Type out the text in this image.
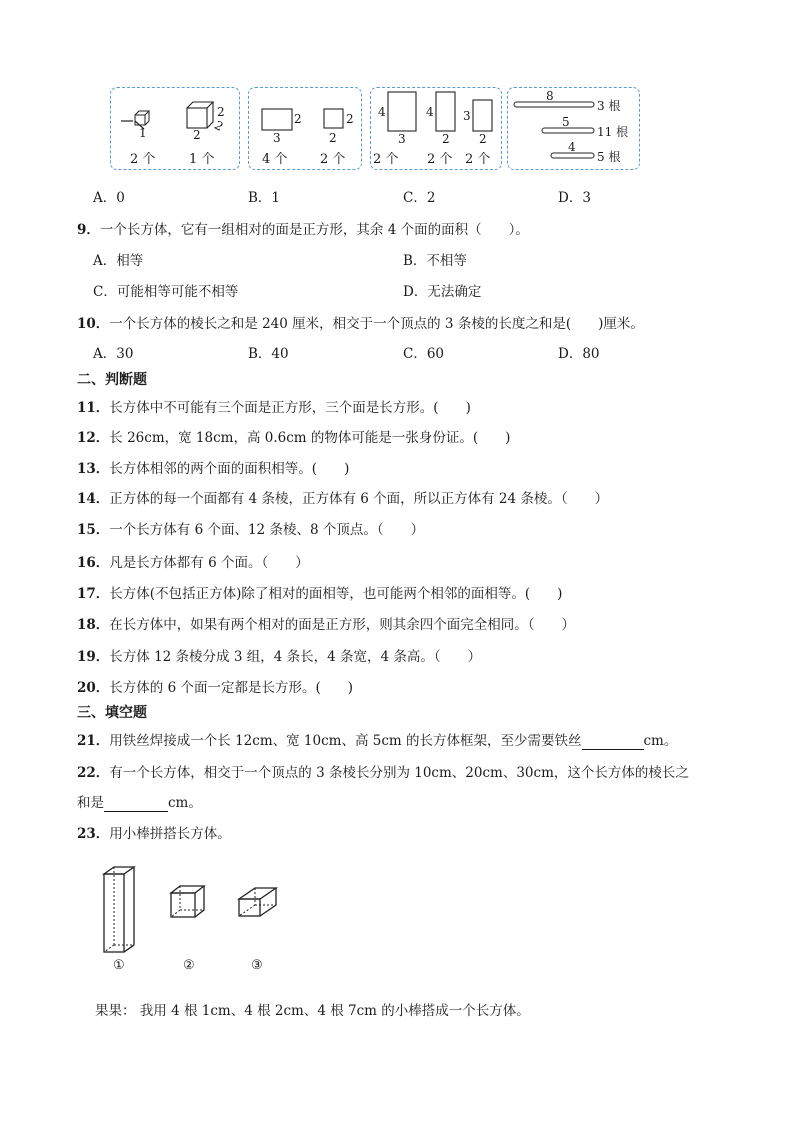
1	2
2
2
2 个	1 个
3
2
2
2
4 个	2 个
4
3
4
2
3
2
2 个 2 个 2 个
8
3 根
5
11 根
4
5 根
A．0	B．1	C．2	D．3
9．一个长方体，它有一组相对的面是正方形，其余 4 个面的面积（　　）。
A．相等	B．不相等
C．可能相等可能不相等	D．无法确定
10．一个长方体的棱长之和是 240 厘米，相交于一个顶点的 3 条棱的长度之和是(　　)厘米。
A．30	B．40	C．60	D．80
二、判断题
11．长方体中不可能有三个面是正方形，三个面是长方形。(　　)
12．长 26cm，宽 18cm，高 0.6cm 的物体可能是一张身份证。(　　)
13．长方体相邻的两个面的面积相等。(　　)
14．正方体的每一个面都有 4 条棱，正方体有 6 个面，所以正方体有 24 条棱。（　　）
15．一个长方体有 6 个面、12 条棱、8 个顶点。（　　）
16．凡是长方体都有 6 个面。（　　）
17．长方体(不包括正方体)除了相对的面相等，也可能两个相邻的面相等。(　　)
18．在长方体中，如果有两个相对的面是正方形，则其余四个面完全相同。（　　）
19．长方体 12 条棱分成 3 组，4 条长，4 条宽，4 条高。（　　）
20．长方体的 6 个面一定都是长方形。(　　)
三、填空题
21．用铁丝焊接成一个长 12cm、宽 10cm、高 5cm 的长方体框架，至少需要铁丝	cm。
22．有一个长方体，相交于一个顶点的 3 条棱长分别为 10cm、20cm、30cm，这个长方体的棱长之
和是	cm。
23．用小棒拼搭长方体。
①	②	③
果果： 我用 4 根 1cm、4 根 2cm、4 根 7cm 的小棒搭成一个长方体。
